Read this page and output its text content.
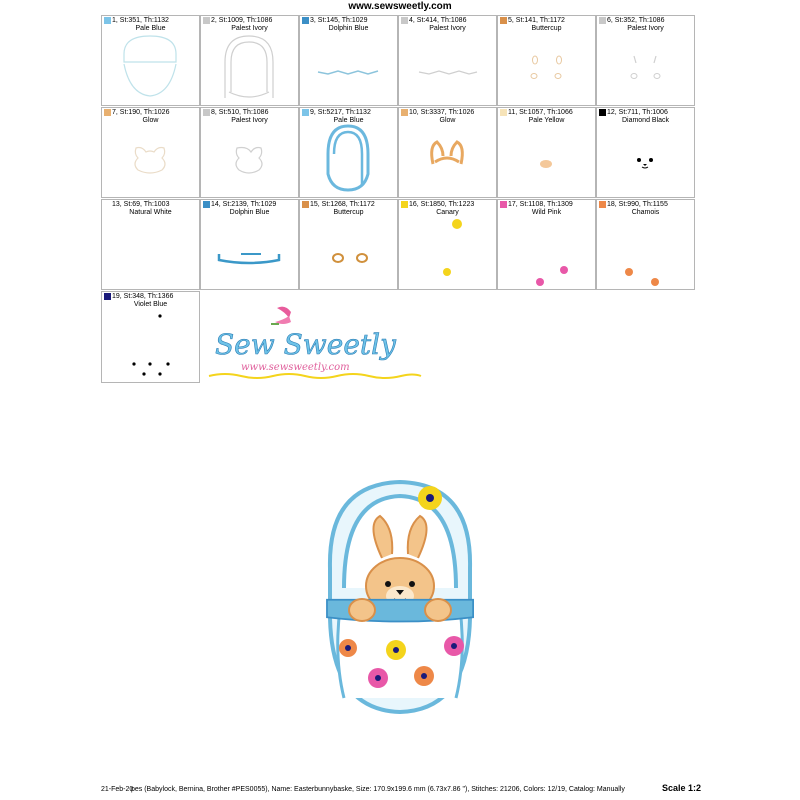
www.sewsweetly.com
1, St:351, Th:1132
Pale Blue
2, St:1009, Th:1086
Palest Ivory
3, St:145, Th:1029
Dolphin Blue
4, St:414, Th:1086
Palest Ivory
5, St:141, Th:1172
Buttercup
6, St:352, Th:1086
Palest Ivory
7, St:190, Th:1026
Glow
8, St:510, Th:1086
Palest Ivory
9, St:5217, Th:1132
Pale Blue
10, St:3337, Th:1026
Glow
11, St:1057, Th:1066
Pale Yellow
12, St:711, Th:1006
Diamond Black
13, St:69, Th:1003
Natural White
14, St:2139, Th:1029
Dolphin Blue
15, St:1268, Th:1172
Buttercup
16, St:1850, Th:1223
Canary
17, St:1108, Th:1309
Wild Pink
18, St:990, Th:1155
Chamois
19, St:348, Th:1366
Violet Blue
Sew Sweetly
www.sewsweetly.com
21-Feb-20
pes (Babylock, Bernina, Brother #PES0055), Name: Easterbunnybaske, Size: 170.9x199.6 mm (6.73x7.86 "), Stitches: 21206, Colors: 12/19, Catalog: Manually	Scale 1:2
